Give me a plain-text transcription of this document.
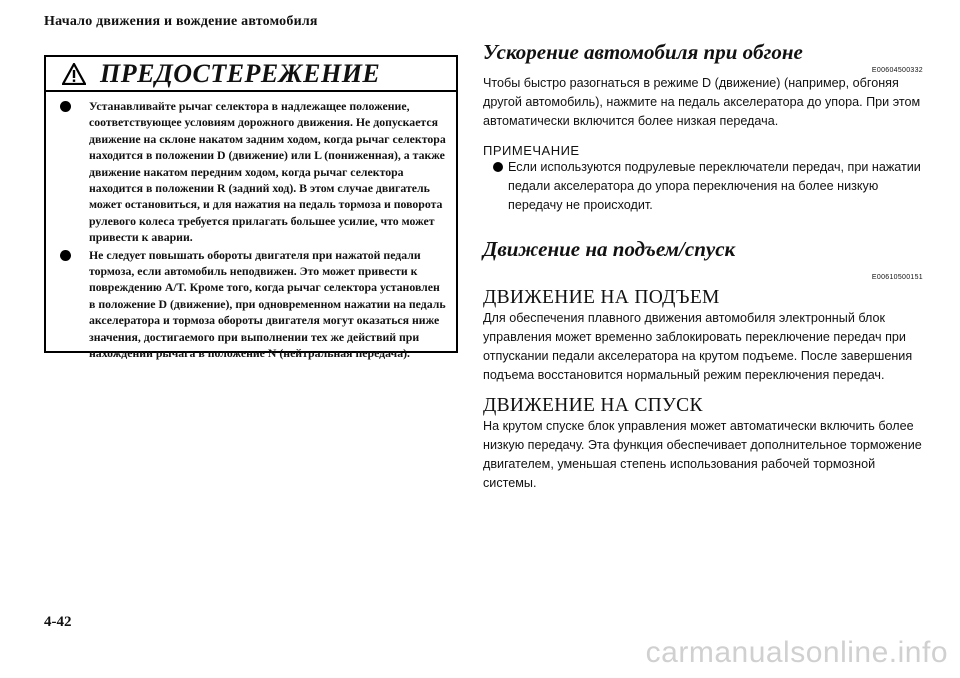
Начало движения и вождение автомобиля
ПРЕДОСТЕРЕЖЕНИЕ
Устанавливайте рычаг селектора в надлежащее положение, соответствующее условиям дорожного движения. Не допускается движение на склоне накатом задним ходом, когда рычаг селектора находится в положении D (движение) или L (пониженная), а также движение накатом передним ходом, когда рычаг селектора находится в положении R (задний ход). В этом случае двигатель может остановиться, и для нажатия на педаль тормоза и поворота рулевого колеса требуется прилагать большее усилие, что может привести к аварии.
Не следует повышать обороты двигателя при нажатой педали тормоза, если автомобиль неподвижен. Это может привести к повреждению A/T. Кроме того, когда рычаг селектора установлен в положение D (движение), при одновременном нажатии на педаль акселератора и тормоза обороты двигателя могут оказаться ниже значения, достигаемого при выполнении тех же действий при нахождении рычага в положение N (нейтральная передача).
Ускорение автомобиля при обгоне
E00604500332

Чтобы быстро разогнаться в режиме D (движение) (например, обгоняя другой автомобиль), нажмите на педаль акселератора до упора. При этом автоматически включится более низкая передача.

ПРИМЕЧАНИЕ
Если используются подрулевые переключатели передач, при нажатии педали акселератора до упора переключения на более низкую передачу не происходит.
Движение на подъем/спуск
E00610500151
ДВИЖЕНИЕ НА ПОДЪЕМ

Для обеспечения плавного движения автомобиля электронный блок управления может временно заблокировать переключение передач при отпускании педали акселератора на крутом подъеме. После завершения подъема восстановится нормальный режим переключения передач.

ДВИЖЕНИЕ НА СПУСК

На крутом спуске блок управления может автоматически включить более низкую передачу. Эта функция обеспечивает дополнительное торможение двигателем, уменьшая степень использования рабочей тормозной системы.

4-42
carmanualsonline.info
